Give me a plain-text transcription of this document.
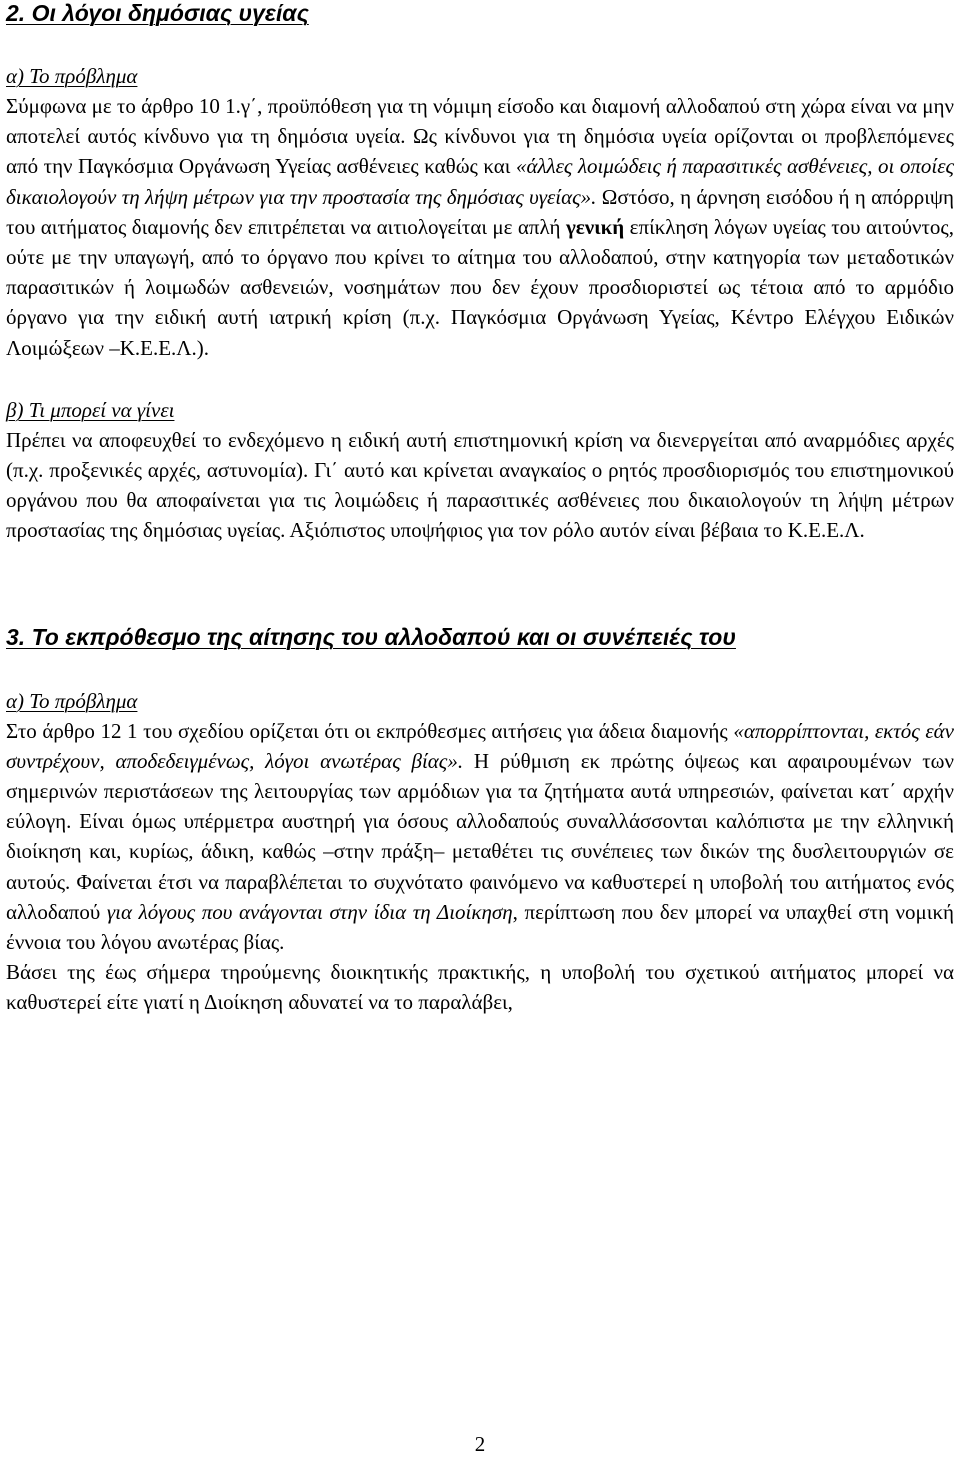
2. Οι λόγοι δημόσιας υγείας

α) Το πρόβλημα

Σύμφωνα με το άρθρο 10 1.γ΄, προϋπόθεση για τη νόμιμη είσοδο και διαμονή αλλοδαπού στη χώρα είναι να μην αποτελεί αυτός κίνδυνο για τη δημόσια υγεία. Ως κίνδυνοι για τη δημόσια υγεία ορίζονται οι προβλεπόμενες από την Παγκόσμια Οργάνωση Υγείας ασθένειες καθώς και «άλλες λοιμώδεις ή παρασιτικές ασθένειες, οι οποίες δικαιολογούν τη λήψη μέτρων για την προστασία της δημόσιας υγείας». Ωστόσο, η άρνηση εισόδου ή η απόρριψη του αιτήματος διαμονής δεν επιτρέπεται να αιτιολογείται με απλή γενική επίκληση λόγων υγείας του αιτούντος, ούτε με την υπαγωγή, από το όργανο που κρίνει το αίτημα του αλλοδαπού, στην κατηγορία των μεταδοτικών παρασιτικών ή λοιμωδών ασθενειών, νοσημάτων που δεν έχουν προσδιοριστεί ως τέτοια από το αρμόδιο όργανο για την ειδική αυτή ιατρική κρίση (π.χ. Παγκόσμια Οργάνωση Υγείας, Κέντρο Ελέγχου Ειδικών Λοιμώξεων –Κ.Ε.Ε.Λ.).

β) Τι μπορεί να γίνει

Πρέπει να αποφευχθεί το ενδεχόμενο η ειδική αυτή επιστημονική κρίση να διενεργείται από αναρμόδιες αρχές (π.χ. προξενικές αρχές, αστυνομία). Γι΄ αυτό και κρίνεται αναγκαίος ο ρητός προσδιορισμός του επιστημονικού οργάνου που θα αποφαίνεται για τις λοιμώδεις ή παρασιτικές ασθένειες που δικαιολογούν τη λήψη μέτρων προστασίας της δημόσιας υγείας. Αξιόπιστος υποψήφιος για τον ρόλο αυτόν είναι βέβαια το Κ.Ε.Ε.Λ.

3. Το εκπρόθεσμο της αίτησης του αλλοδαπού και οι συνέπειές του

α) Το πρόβλημα

Στο άρθρο 12 1 του σχεδίου ορίζεται ότι οι εκπρόθεσμες αιτήσεις για άδεια διαμονής «απορρίπτονται, εκτός εάν συντρέχουν, αποδεδειγμένως, λόγοι ανωτέρας βίας». Η ρύθμιση εκ πρώτης όψεως και αφαιρουμένων των σημερινών περιστάσεων της λειτουργίας των αρμόδιων για τα ζητήματα αυτά υπηρεσιών, φαίνεται κατ΄ αρχήν εύλογη. Είναι όμως υπέρμετρα αυστηρή για όσους αλλοδαπούς συναλλάσσονται καλόπιστα με την ελληνική διοίκηση και, κυρίως, άδικη, καθώς –στην πράξη– μεταθέτει τις συνέπειες των δικών της δυσλειτουργιών σε αυτούς. Φαίνεται έτσι να παραβλέπεται το συχνότατο φαινόμενο να καθυστερεί η υποβολή του αιτήματος ενός αλλοδαπού για λόγους που ανάγονται στην ίδια τη Διοίκηση, περίπτωση που δεν μπορεί να υπαχθεί στη νομική έννοια του λόγου ανωτέρας βίας.

Βάσει της έως σήμερα τηρούμενης διοικητικής πρακτικής, η υποβολή του σχετικού αιτήματος μπορεί να καθυστερεί είτε γιατί η Διοίκηση αδυνατεί να το παραλάβει,

2
